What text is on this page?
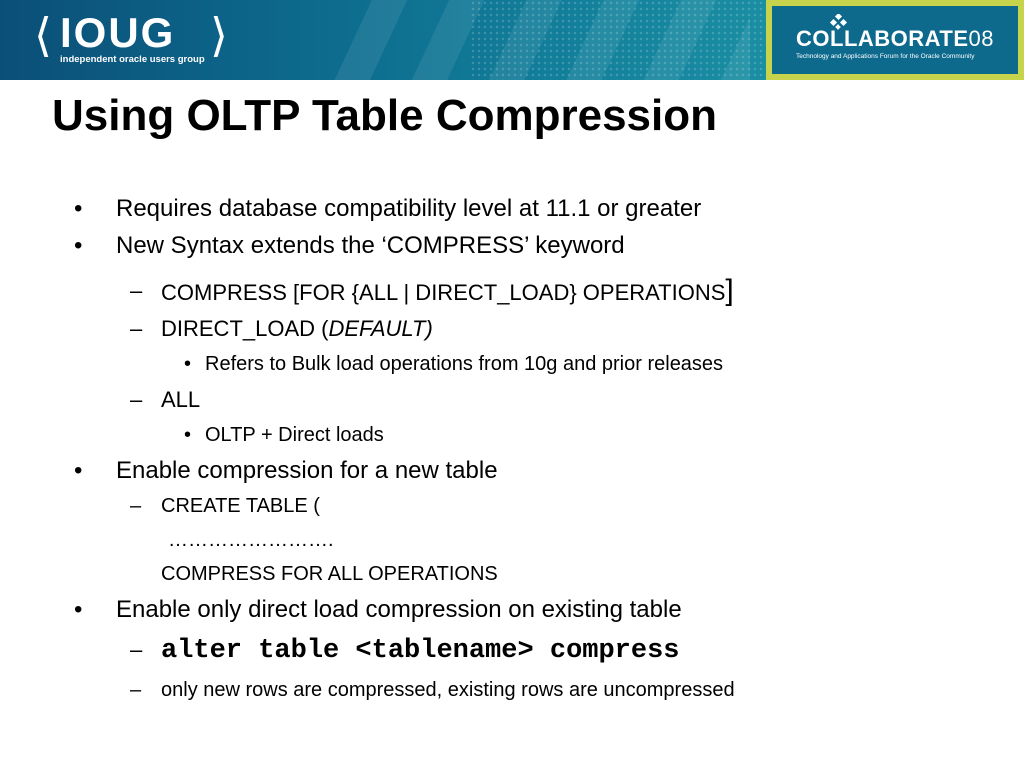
⟨ IOUG ⟩
independent oracle users group
COLLABORATE08
Technology and Applications Forum for the Oracle Community
Using OLTP Table Compression
• Requires database compatibility level at 11.1 or greater
• New Syntax extends the ‘COMPRESS’ keyword
– COMPRESS [FOR {ALL | DIRECT_LOAD} OPERATIONS]
– DIRECT_LOAD (DEFAULT)
• Refers to Bulk load operations from 10g and prior releases
– ALL
• OLTP + Direct loads
• Enable compression for a new table
– CREATE TABLE (
…………………….
COMPRESS FOR ALL OPERATIONS
• Enable only direct load compression on existing table
– alter table <tablename> compress
– only new rows are compressed, existing rows are uncompressed
